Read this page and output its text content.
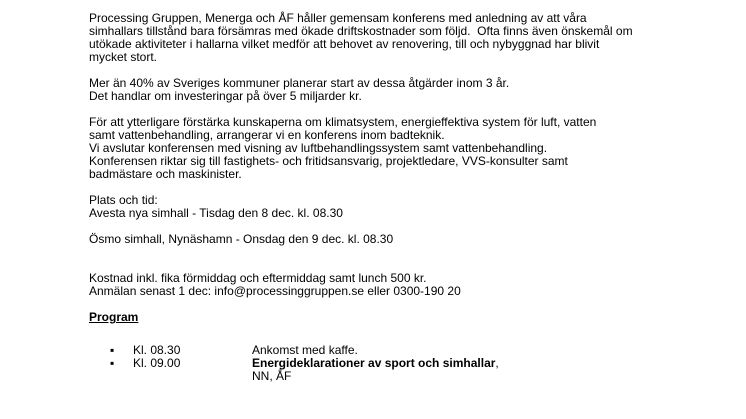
Processing Gruppen, Menerga och ÅF håller gemensam konferens med anledning av att våra

simhallars tillstånd bara försämras med ökade driftskostnader som följd.  Ofta finns även önskemål om

utökade aktiviteter i hallarna vilket medför att behovet av renovering, till och nybyggnad har blivit

mycket stort.

Mer än 40% av Sveriges kommuner planerar start av dessa åtgärder inom 3 år.

Det handlar om investeringar på över 5 miljarder kr.

För att ytterligare förstärka kunskaperna om klimatsystem, energieffektiva system för luft, vatten

samt vattenbehandling, arrangerar vi en konferens inom badteknik.

Vi avslutar konferensen med visning av luftbehandlingssystem samt vattenbehandling.

Konferensen riktar sig till fastighets- och fritidsansvarig, projektledare, VVS-konsulter samt

badmästare och maskinister.

Plats och tid:

Avesta nya simhall - Tisdag den 8 dec. kl. 08.30

Ösmo simhall, Nynäshamn - Onsdag den 9 dec. kl. 08.30

Kostnad inkl. fika förmiddag och eftermiddag samt lunch 500 kr.

Anmälan senast 1 dec: info@processinggruppen.se eller 0300-190 20

Program

▪ Kl. 08.30	Ankomst med kaffe.
▪ Kl. 09.00	Energideklarationer av sport och simhallar,
NN, ÅF
